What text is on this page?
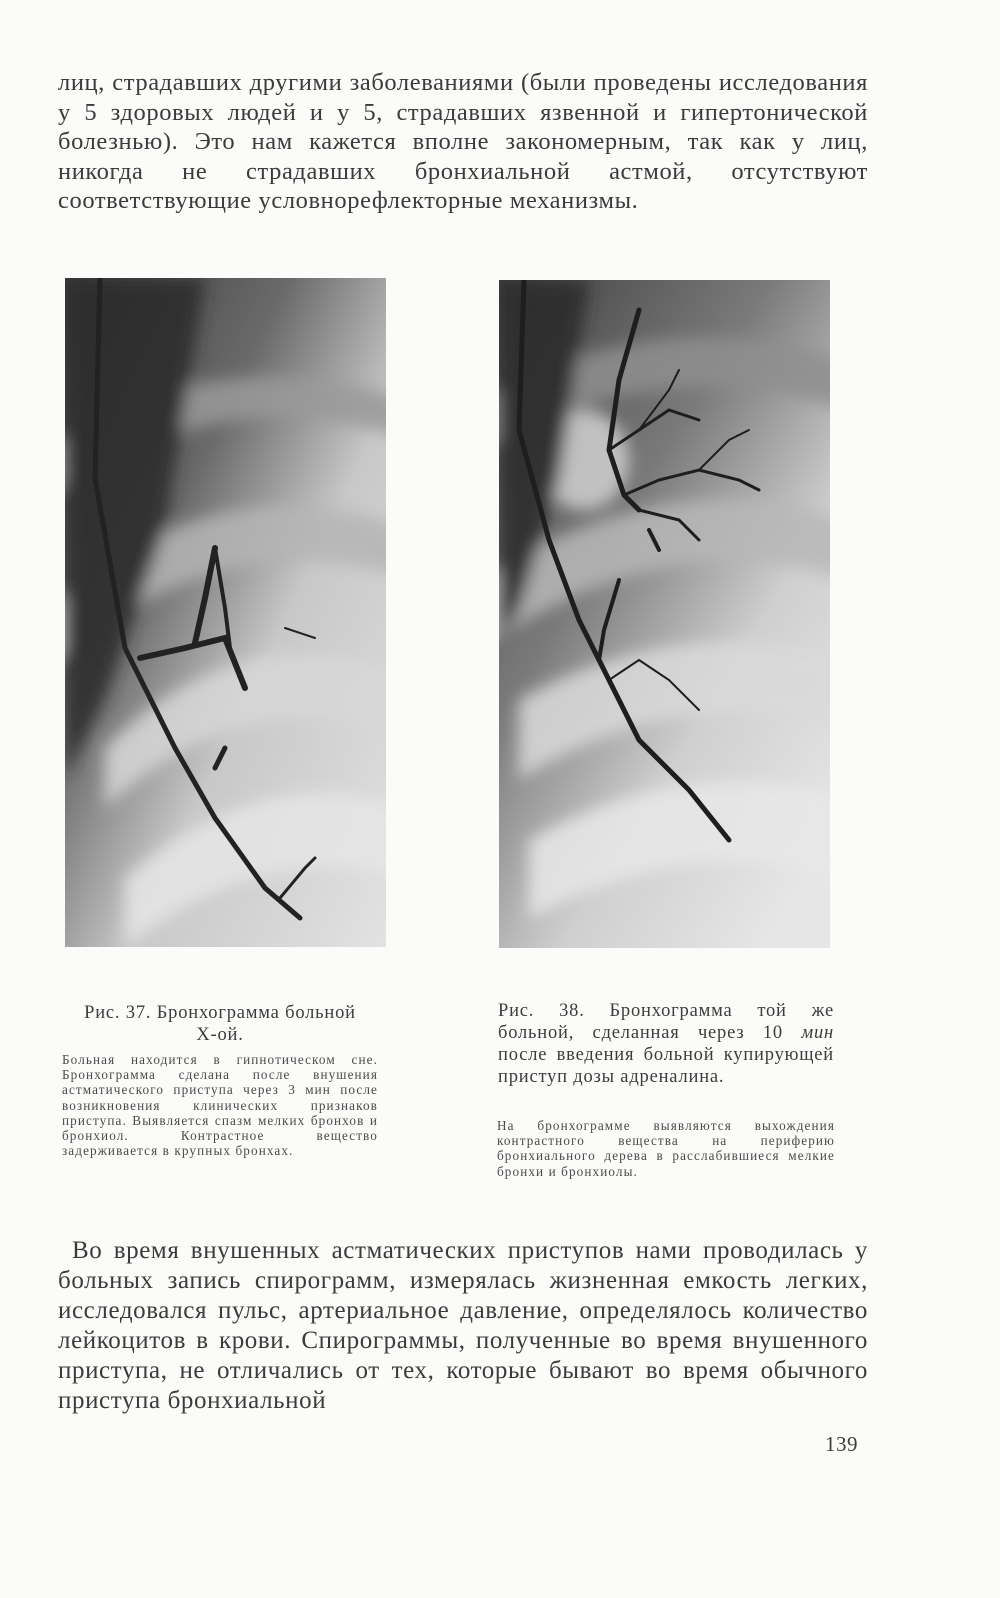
лиц, страдавших другими заболеваниями (были проведены исследования у 5 здоровых людей и у 5, страдавших язвенной и гипертонической болезнью). Это нам кажется вполне закономерным, так как у лиц, никогда не страдавших бронхиальной астмой, отсутствуют соответствующие условнорефлекторные механизмы.

Рис. 37. Бронхограмма больной Х-ой.

Больная находится в гипнотическом сне. Бронхограмма сделана после внушения астматического приступа через 3 мин после возникновения клинических признаков приступа. Выявляется спазм мелких бронхов и бронхиол. Контрастное вещество задерживается в крупных бронхах.

Рис. 38. Бронхограмма той же больной, сделанная через 10 мин после введения больной купирующей приступ дозы адреналина.

На бронхограмме выявляются выхождения контрастного вещества на периферию бронхиального дерева в расслабившиеся мелкие бронхи и бронхиолы.

Во время внушенных астматических приступов нами проводилась у больных запись спирограмм, измерялась жизненная емкость легких, исследовался пульс, артериальное давление, определялось количество лейкоцитов в крови. Спирограммы, полученные во время внушенного приступа, не отличались от тех, которые бывают во время обычного приступа бронхиальной

139
